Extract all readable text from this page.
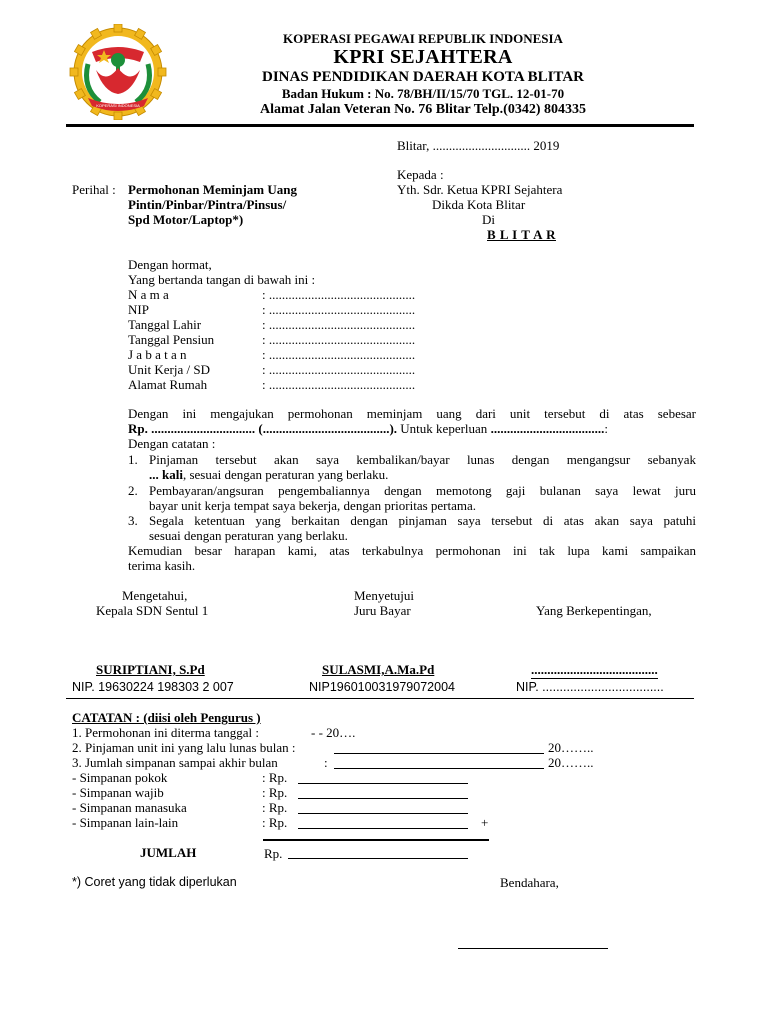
KOPERASI INDONESIA
KOPERASI PEGAWAI REPUBLIK INDONESIA
KPRI SEJAHTERA
DINAS PENDIDIKAN DAERAH KOTA BLITAR
Badan Hukum : No. 78/BH/II/15/70 TGL. 12-01-70
Alamat Jalan Veteran No. 76 Blitar Telp.(0342) 804335
Blitar, .............................. 2019
Kepada :
Yth. Sdr. Ketua KPRI Sejahtera
Dikda Kota Blitar
Di
B L I T A R
Perihal : Permohonan Meminjam Uang
Pintin/Pinbar/Pintra/Pinsus/
Spd Motor/Laptop*)
Dengan hormat,
Yang bertanda tangan di bawah ini :
N a m a	: .............................................
NIP	: .............................................
Tanggal Lahir	: .............................................
Tanggal Pensiun	: .............................................
J a b a t a n	: .............................................
Unit Kerja / SD	: .............................................
Alamat Rumah	: .............................................
Dengan ini mengajukan permohonan meminjam uang dari unit tersebut di atas sebesar
Rp. ................................ (.......................................). Untuk keperluan ...................................:
Dengan catatan :
1. Pinjaman tersebut akan saya kembalikan/bayar lunas dengan mengangsur sebanyak
... kali, sesuai dengan peraturan yang berlaku.
2. Pembayaran/angsuran pengembaliannya dengan memotong gaji bulanan saya lewat juru
bayar unit kerja tempat saya bekerja, dengan prioritas pertama.
3. Segala ketentuan yang berkaitan dengan pinjaman saya tersebut di atas akan saya patuhi
sesuai dengan peraturan yang berlaku.
Kemudian besar harapan kami, atas terkabulnya permohonan ini tak lupa kami sampaikan
terima kasih.
Mengetahui,
Kepala SDN Sentul 1
Menyetujui
Juru Bayar	Yang Berkepentingan,
SURIPTIANI, S.Pd	SULASMI,A.Ma.Pd	.......................................
NIP. 19630224 198303 2 007	NIP196010031979072004	NIP. ...................................
CATATAN : (diisi oleh Pengurus )
1. Permohonan ini diterma tanggal :	- - 20….
2. Pinjaman unit ini yang lalu lunas bulan :	20……..
3. Jumlah simpanan sampai akhir bulan	:	20……..
- Simpanan pokok	: Rp.
- Simpanan wajib	: Rp.
- Simpanan manasuka	: Rp.
- Simpanan lain-lain	: Rp.	+
JUMLAH	Rp.
*) Coret yang tidak diperlukan	Bendahara,
